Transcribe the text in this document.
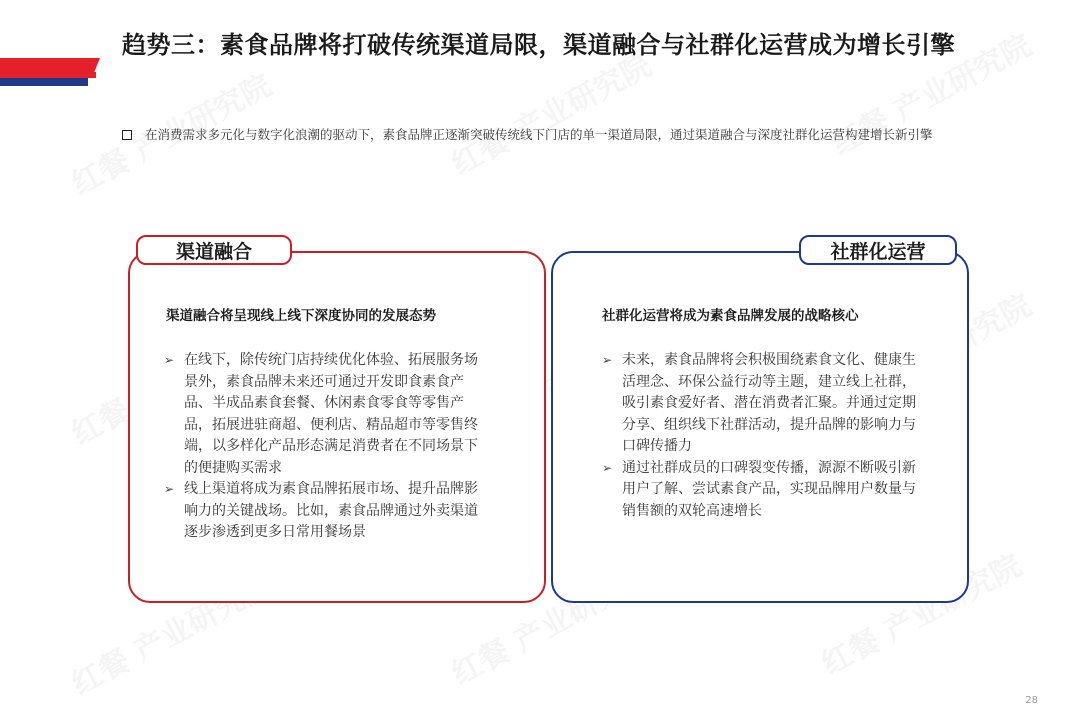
趋势三：素食品牌将打破传统渠道局限，渠道融合与社群化运营成为增长引擎

在消费需求多元化与数字化浪潮的驱动下，素食品牌正逐渐突破传统线下门店的单一渠道局限，通过渠道融合与深度社群化运营构建增长新引擎

渠道融合
渠道融合将呈现线上线下深度协同的发展态势
➢ 在线下，除传统门店持续优化体验、拓展服务场景外，素食品牌未来还可通过开发即食素食产品、半成品素食套餐、休闲素食零食等零售产品，拓展进驻商超、便利店、精品超市等零售终端，以多样化产品形态满足消费者在不同场景下的便捷购买需求
➢ 线上渠道将成为素食品牌拓展市场、提升品牌影响力的关键战场。比如，素食品牌通过外卖渠道逐步渗透到更多日常用餐场景
社群化运营
社群化运营将成为素食品牌发展的战略核心
➢ 未来，素食品牌将会积极围绕素食文化、健康生活理念、环保公益行动等主题，建立线上社群，吸引素食爱好者、潜在消费者汇聚。并通过定期分享、组织线下社群活动，提升品牌的影响力与口碑传播力
➢ 通过社群成员的口碑裂变传播，源源不断吸引新用户了解、尝试素食产品，实现品牌用户数量与销售额的双轮高速增长
28
